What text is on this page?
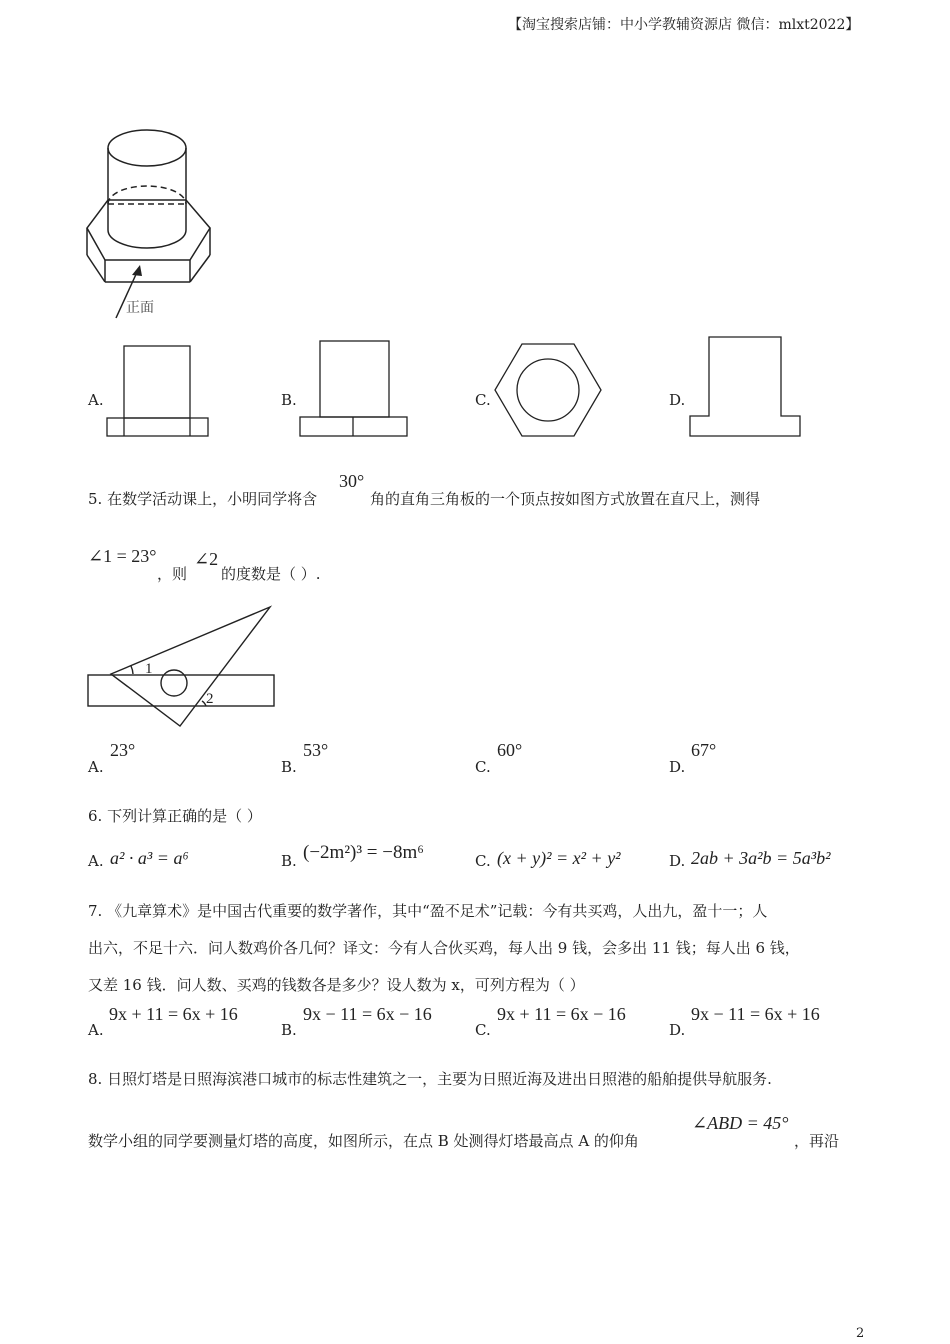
【淘宝搜索店铺：中小学教辅资源店 微信：mlxt2022】
正面
A.	B.	C.	D.
5. 在数学活动课上，小明同学将含
30°
角的直角三角板的一个顶点按如图方式放置在直尺上，测得
∠1 = 23°
，则
∠2
的度数是（ ）.
1
2
A.
23°
B.
53°
C.
60°
D.
67°
6. 下列计算正确的是（ ）
A. a² · a³ = a⁶	B. (−2m²)³ = −8m⁶	C. (x + y)² = x² + y²	D. 2ab + 3a²b = 5a³b²
7. 《九章算术》是中国古代重要的数学著作，其中“盈不足术”记载：今有共买鸡，人出九，盈十一；人
出六，不足十六．问人数鸡价各几何？译文：今有人合伙买鸡，每人出 9 钱，会多出 11 钱；每人出 6 钱，
又差 16 钱．问人数、买鸡的钱数各是多少？设人数为 x，可列方程为（ ）
A.
9x + 11 = 6x + 16
B.
9x − 11 = 6x − 16
C.
9x + 11 = 6x − 16
D.
9x − 11 = 6x + 16
8. 日照灯塔是日照海滨港口城市的标志性建筑之一，主要为日照近海及进出日照港的船舶提供导航服务.
数学小组的同学要测量灯塔的高度，如图所示，在点 B 处测得灯塔最高点 A 的仰角
∠ABD = 45°
，再沿
2
